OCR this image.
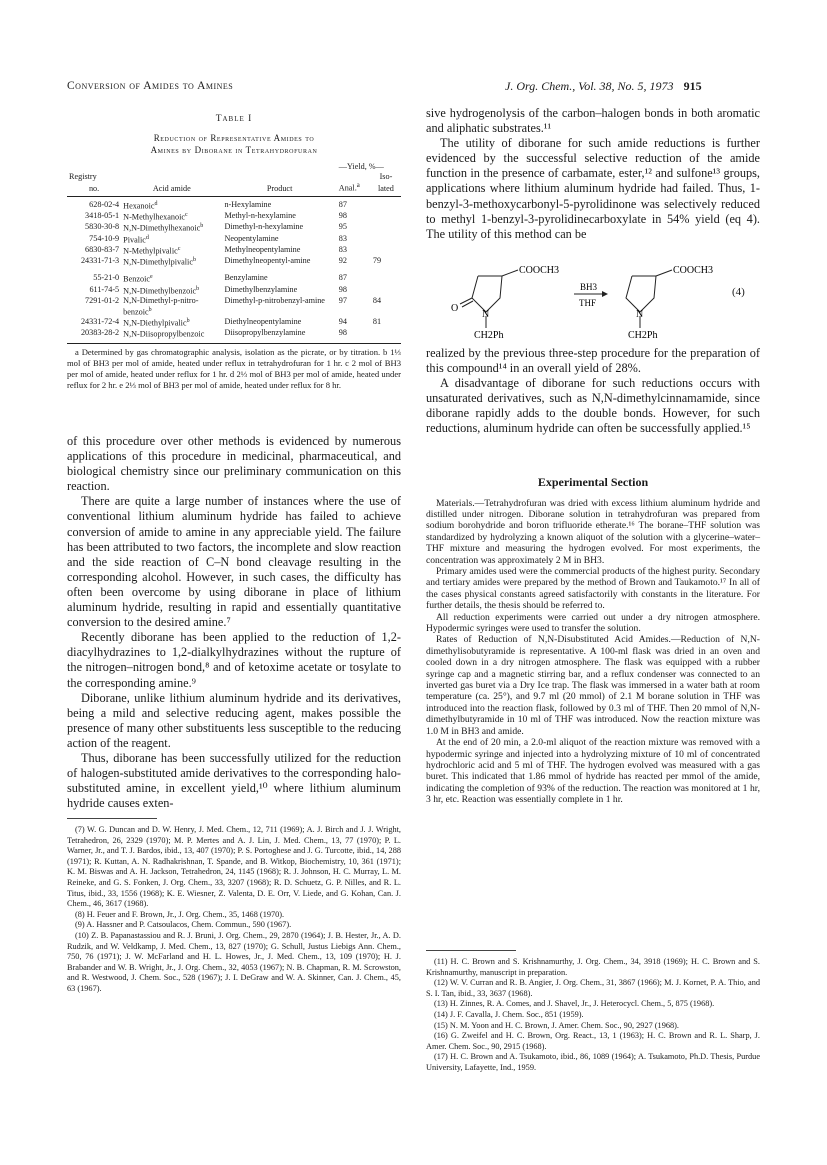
Conversion of Amides to Amines	J. Org. Chem., Vol. 38, No. 5, 1973 915
Table I
Reduction of Representative Amides to
Amines by Diborane in Tetrahydrofuran
			—Yield, %—	
Registry				Iso-
no.	Acid amide	Product	Anal.$^a$	lated
628-02-4	Hexanoic$^d$	n-Hexylamine	87	
3418-05-1	N-Methylhexanoic$^c$	Methyl-n-hexylamine	98	
5830-30-8	N,N-Dimethylhexanoic$^b$	Dimethyl-n-hexylamine	95	
754-10-9	Pivalic$^d$	Neopentylamine	83	
6830-83-7	N-Methylpivalic$^c$	Methylneopentylamine	83	
24331-71-3	N,N-Dimethylpivalic$^b$	Dimethylneopentyl-amine	92	79
55-21-0	Benzoic$^e$	Benzylamine	87	
611-74-5	N,N-Dimethylbenzoic$^b$	Dimethylbenzylamine	98	
7291-01-2	N,N-Dimethyl-p-nitro-benzoic$^b$	Dimethyl-p-nitrobenzyl-amine	97	84
24331-72-4	N,N-Diethylpivalic$^b$	Diethylneopentylamine	94	81
20383-28-2	N,N-Diisopropylbenzoic	Diisopropylbenzylamine	98	
a Determined by gas chromatographic analysis, isolation as the picrate, or by titration. b 1⅓ mol of BH3 per mol of amide, heated under reflux in tetrahydrofuran for 1 hr. c 2 mol of BH3 per mol of amide, heated under reflux for 1 hr. d 2⅓ mol of BH3 per mol of amide, heated under reflux for 2 hr. e 2⅓ mol of BH3 per mol of amide, heated under reflux for 8 hr.

of this procedure over other methods is evidenced by numerous applications of this procedure in medicinal, pharmaceutical, and biological chemistry since our preliminary communication on this reaction.

There are quite a large number of instances where the use of conventional lithium aluminum hydride has failed to achieve conversion of amide to amine in any appreciable yield. The failure has been attributed to two factors, the incomplete and slow reaction and the side reaction of C–N bond cleavage resulting in the corresponding alcohol. However, in such cases, the difficulty has often been overcome by using diborane in place of lithium aluminum hydride, resulting in rapid and essentially quantitative conversion to the desired amine.⁷

Recently diborane has been applied to the reduction of 1,2-diacylhydrazines to 1,2-dialkylhydrazines without the rupture of the nitrogen–nitrogen bond,⁸ and of ketoxime acetate or tosylate to the corresponding amine.⁹

Diborane, unlike lithium aluminum hydride and its derivatives, being a mild and selective reducing agent, makes possible the presence of many other substituents less susceptible to the reducing action of the reagent.

Thus, diborane has been successfully utilized for the reduction of halogen-substituted amide derivatives to the corresponding halo-substituted amine, in excellent yield,¹⁰ where lithium aluminum hydride causes exten-

(7) W. G. Duncan and D. W. Henry, J. Med. Chem., 12, 711 (1969); A. J. Birch and J. J. Wright, Tetrahedron, 26, 2329 (1970); M. P. Mertes and A. J. Lin, J. Med. Chem., 13, 77 (1970); P. L. Warner, Jr., and T. J. Bardos, ibid., 13, 407 (1970); P. S. Portoghese and J. G. Turcotte, ibid., 14, 288 (1971); R. Kuttan, A. N. Radhakrishnan, T. Spande, and B. Witkop, Biochemistry, 10, 361 (1971); K. M. Biswas and A. H. Jackson, Tetrahedron, 24, 1145 (1968); R. J. Johnson, H. C. Murray, L. M. Reineke, and G. S. Fonken, J. Org. Chem., 33, 3207 (1968); R. D. Schuetz, G. P. Nilles, and R. L. Titus, ibid., 33, 1556 (1968); K. E. Wiesner, Z. Valenta, D. E. Orr, V. Liede, and G. Kohan, Can. J. Chem., 46, 3617 (1968).

(8) H. Feuer and F. Brown, Jr., J. Org. Chem., 35, 1468 (1970).

(9) A. Hassner and P. Catsoulacos, Chem. Commun., 590 (1967).

(10) Z. B. Papanastassiou and R. J. Bruni, J. Org. Chem., 29, 2870 (1964); J. B. Hester, Jr., A. D. Rudzik, and W. Veldkamp, J. Med. Chem., 13, 827 (1970); G. Schull, Justus Liebigs Ann. Chem., 750, 76 (1971); J. W. McFarland and H. L. Howes, Jr., J. Med. Chem., 13, 109 (1970); H. J. Brabander and W. B. Wright, Jr., J. Org. Chem., 32, 4053 (1967); N. B. Chapman, R. M. Scrowston, and R. Westwood, J. Chem. Soc., 528 (1967); J. I. DeGraw and W. A. Skinner, Can. J. Chem., 45, 63 (1967).

sive hydrogenolysis of the carbon–halogen bonds in both aromatic and aliphatic substrates.¹¹

The utility of diborane for such amide reductions is further evidenced by the successful selective reduction of the amide function in the presence of carbamate, ester,¹² and sulfone¹³ groups, applications where lithium aluminum hydride had failed. Thus, 1-benzyl-3-methoxycarbonyl-5-pyrolidinone was selectively reduced to methyl 1-benzyl-3-pyrolidinecarboxylate in 54% yield (eq 4). The utility of this method can be

COOCH3
O
N
CH2Ph
BH3
THF
COOCH3
N
CH2Ph
(4)

realized by the previous three-step procedure for the preparation of this compound¹⁴ in an overall yield of 28%.

A disadvantage of diborane for such reductions occurs with unsaturated derivatives, such as N,N-dimethylcinnamamide, since diborane rapidly adds to the double bonds. However, for such reductions, aluminum hydride can often be successfully applied.¹⁵

Experimental Section

Materials.—Tetrahydrofuran was dried with excess lithium aluminum hydride and distilled under nitrogen. Diborane solution in tetrahydrofuran was prepared from sodium borohydride and boron trifluoride etherate.¹⁶ The borane–THF solution was standardized by hydrolyzing a known aliquot of the solution with a glycerine–water–THF mixture and measuring the hydrogen evolved. For most experiments, the concentration was approximately 2 M in BH3.

Primary amides used were the commercial products of the highest purity. Secondary and tertiary amides were prepared by the method of Brown and Taukamoto.¹⁷ In all of the cases physical constants agreed satisfactorily with constants in the literature. For further details, the thesis should be referred to.

All reduction experiments were carried out under a dry nitrogen atmosphere. Hypodermic syringes were used to transfer the solution.

Rates of Reduction of N,N-Disubstituted Acid Amides.—Reduction of N,N-dimethylisobutyramide is representative. A 100-ml flask was dried in an oven and cooled down in a dry nitrogen atmosphere. The flask was equipped with a rubber syringe cap and a magnetic stirring bar, and a reflux condenser was connected to an inverted gas buret via a Dry Ice trap. The flask was immersed in a water bath at room temperature (ca. 25°), and 9.7 ml (20 mmol) of 2.1 M borane solution in THF was introduced into the reaction flask, followed by 0.3 ml of THF. Then 20 mmol of N,N-dimethylbutyramide in 10 ml of THF was introduced. Now the reaction mixture was 1.0 M in BH3 and amide.

At the end of 20 min, a 2.0-ml aliquot of the reaction mixture was removed with a hypodermic syringe and injected into a hydrolyzing mixture of 10 ml of concentrated hydrochloric acid and 5 ml of THF. The hydrogen evolved was measured with a gas buret. This indicated that 1.86 mmol of hydride has reacted per mmol of the amide, indicating the completion of 93% of the reduction. The reaction was monitored at 1 hr, 3 hr, etc. Reaction was essentially complete in 1 hr.

(11) H. C. Brown and S. Krishnamurthy, J. Org. Chem., 34, 3918 (1969); H. C. Brown and S. Krishnamurthy, manuscript in preparation.

(12) W. V. Curran and R. B. Angier, J. Org. Chem., 31, 3867 (1966); M. J. Kornet, P. A. Thio, and S. I. Tan, ibid., 33, 3637 (1968).

(13) H. Zinnes, R. A. Comes, and J. Shavel, Jr., J. Heterocycl. Chem., 5, 875 (1968).

(14) J. F. Cavalla, J. Chem. Soc., 851 (1959).

(15) N. M. Yoon and H. C. Brown, J. Amer. Chem. Soc., 90, 2927 (1968).

(16) G. Zweifel and H. C. Brown, Org. React., 13, 1 (1963); H. C. Brown and R. L. Sharp, J. Amer. Chem. Soc., 90, 2915 (1968).

(17) H. C. Brown and A. Tsukamoto, ibid., 86, 1089 (1964); A. Tsukamoto, Ph.D. Thesis, Purdue University, Lafayette, Ind., 1959.
